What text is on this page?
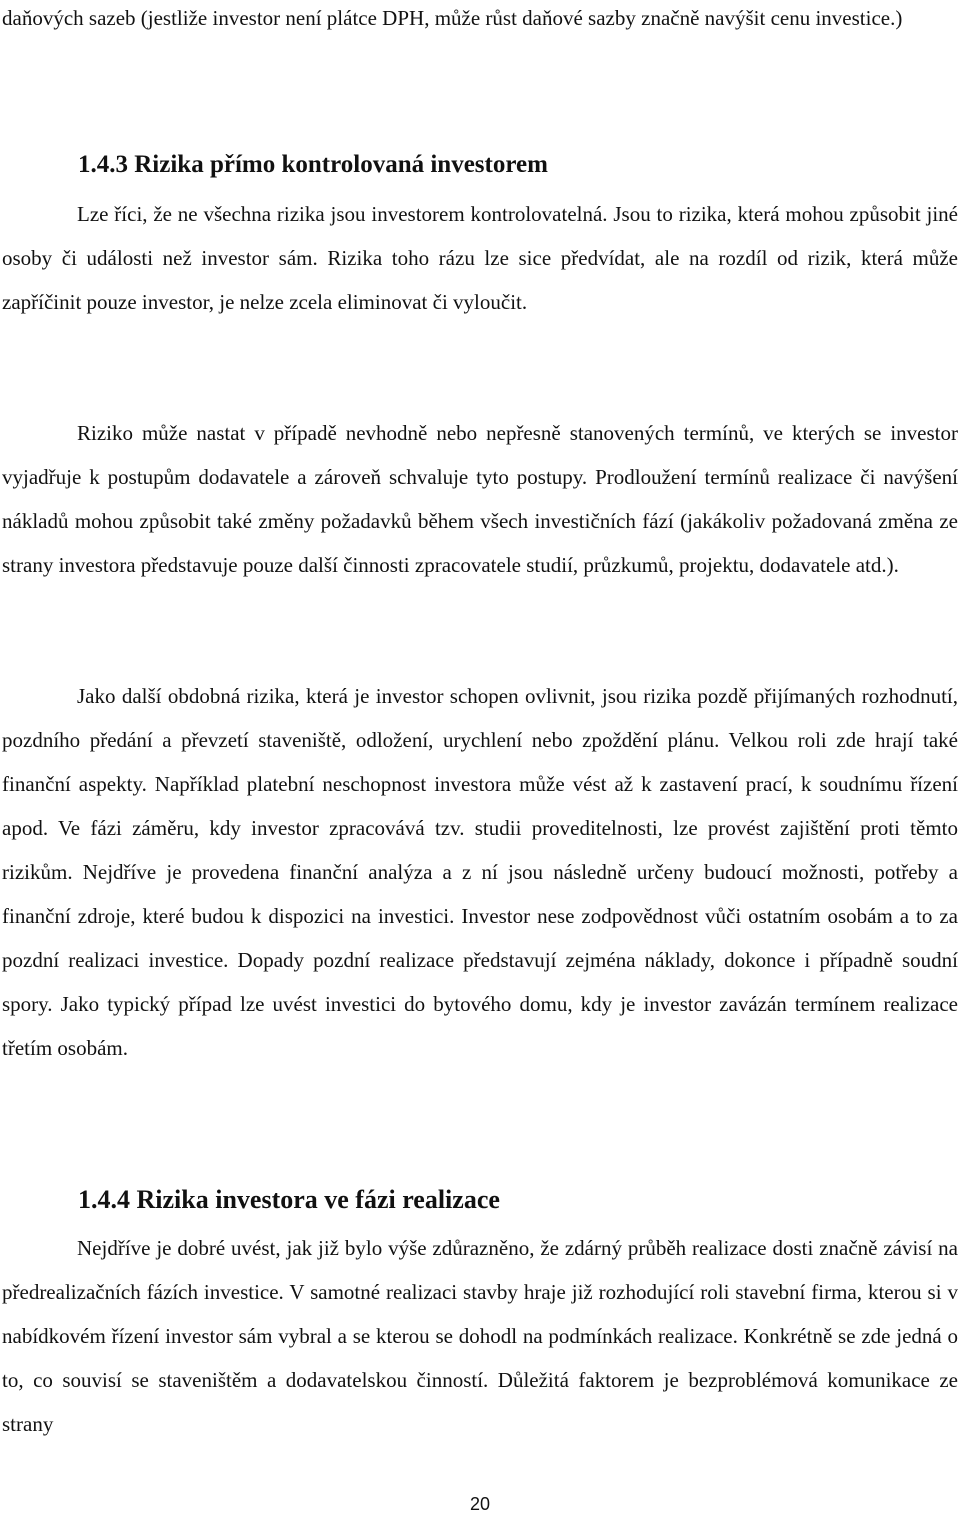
daňových sazeb (jestliže investor není plátce DPH, může růst daňové sazby značně navýšit cenu investice.)

1.4.3 Rizika přímo kontrolovaná investorem

Lze říci, že ne všechna rizika jsou investorem kontrolovatelná. Jsou to rizika, která mohou způsobit jiné osoby či události než investor sám. Rizika toho rázu lze sice předvídat, ale na rozdíl od rizik, která může zapříčinit pouze investor, je nelze zcela eliminovat či vyloučit.

Riziko může nastat v případě nevhodně nebo nepřesně stanovených termínů, ve kterých se investor vyjadřuje k postupům dodavatele a zároveň schvaluje tyto postupy. Prodloužení termínů realizace či navýšení nákladů mohou způsobit také změny požadavků během všech investičních fází (jakákoliv požadovaná změna ze strany investora představuje pouze další činnosti zpracovatele studií, průzkumů, projektu, dodavatele atd.).

Jako další obdobná rizika, která je investor schopen ovlivnit, jsou rizika pozdě přijímaných rozhodnutí, pozdního předání a převzetí staveniště, odložení, urychlení nebo zpoždění plánu. Velkou roli zde hrají také finanční aspekty. Například platební neschopnost investora může vést až k zastavení prací, k soudnímu řízení apod. Ve fázi záměru, kdy investor zpracovává tzv. studii proveditelnosti, lze provést zajištění proti těmto rizikům. Nejdříve je provedena finanční analýza a z ní jsou následně určeny budoucí možnosti, potřeby a finanční zdroje, které budou k dispozici na investici. Investor nese zodpovědnost vůči ostatním osobám a to za pozdní realizaci investice. Dopady pozdní realizace představují zejména náklady, dokonce i případně soudní spory. Jako typický případ lze uvést investici do bytového domu, kdy je investor zavázán termínem realizace třetím osobám.

1.4.4 Rizika investora ve fázi realizace

Nejdříve je dobré uvést, jak již bylo výše zdůrazněno, že zdárný průběh realizace dosti značně závisí na předrealizačních fázích investice. V samotné realizaci stavby hraje již rozhodující roli stavební firma, kterou si v nabídkovém řízení investor sám vybral a se kterou se dohodl na podmínkách realizace. Konkrétně se zde jedná o to, co souvisí se staveništěm a dodavatelskou činností. Důležitá faktorem je bezproblémová komunikace ze strany

20
